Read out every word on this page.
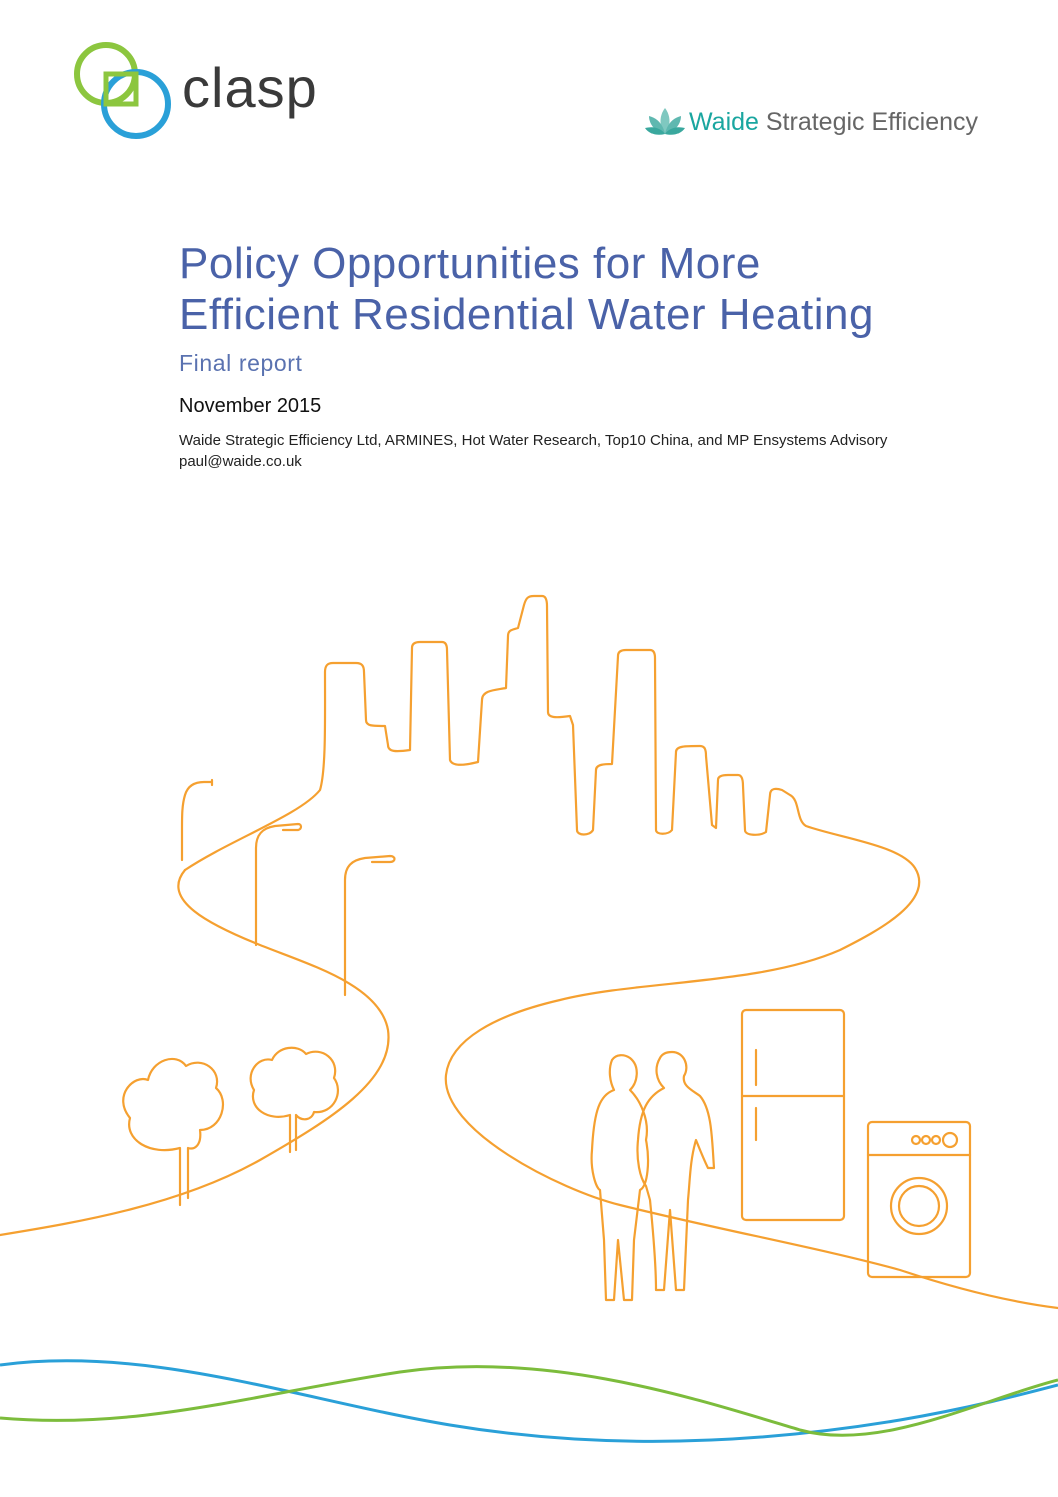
clasp
Waide Strategic Efficiency
Policy Opportunities for More
Efficient Residential Water Heating
Final report
November 2015
Waide Strategic Efficiency Ltd, ARMINES, Hot Water Research, Top10 China, and MP Ensystems Advisory
paul@waide.co.uk
